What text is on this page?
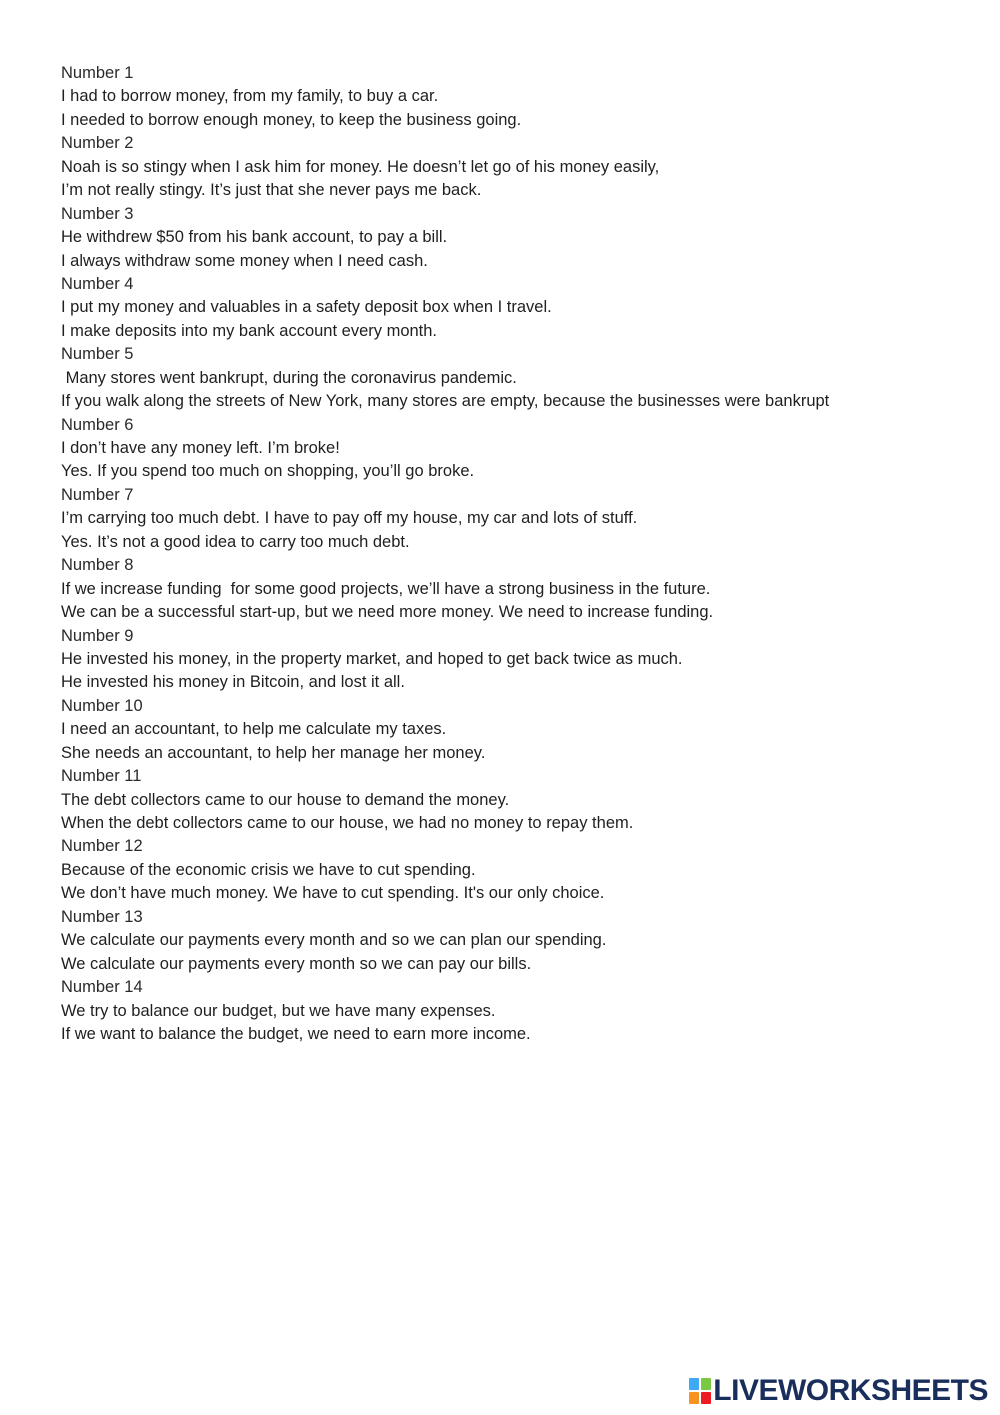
Number 1
I had to borrow money, from my family, to buy a car.
I needed to borrow enough money, to keep the business going.
Number 2
Noah is so stingy when I ask him for money. He doesn’t let go of his money easily,
I’m not really stingy. It’s just that she never pays me back.
Number 3
He withdrew $50 from his bank account, to pay a bill.
I always withdraw some money when I need cash.
Number 4
I put my money and valuables in a safety deposit box when I travel.
I make deposits into my bank account every month.
Number 5
Many stores went bankrupt, during the coronavirus pandemic.
If you walk along the streets of New York, many stores are empty, because the businesses were bankrupt
Number 6
I don’t have any money left. I’m broke!
Yes. If you spend too much on shopping, you’ll go broke.
Number 7
I’m carrying too much debt. I have to pay off my house, my car and lots of stuff.
Yes. It’s not a good idea to carry too much debt.
Number 8
If we increase funding  for some good projects, we’ll have a strong business in the future.
We can be a successful start-up, but we need more money. We need to increase funding.
Number 9
He invested his money, in the property market, and hoped to get back twice as much.
He invested his money in Bitcoin, and lost it all.
Number 10
I need an accountant, to help me calculate my taxes.
She needs an accountant, to help her manage her money.
Number 11
The debt collectors came to our house to demand the money.
When the debt collectors came to our house, we had no money to repay them.
Number 12
Because of the economic crisis we have to cut spending.
We don’t have much money. We have to cut spending. It's our only choice.
Number 13
We calculate our payments every month and so we can plan our spending.
We calculate our payments every month so we can pay our bills.
Number 14
We try to balance our budget, but we have many expenses.
If we want to balance the budget, we need to earn more income.
LIVEWORKSHEETS
